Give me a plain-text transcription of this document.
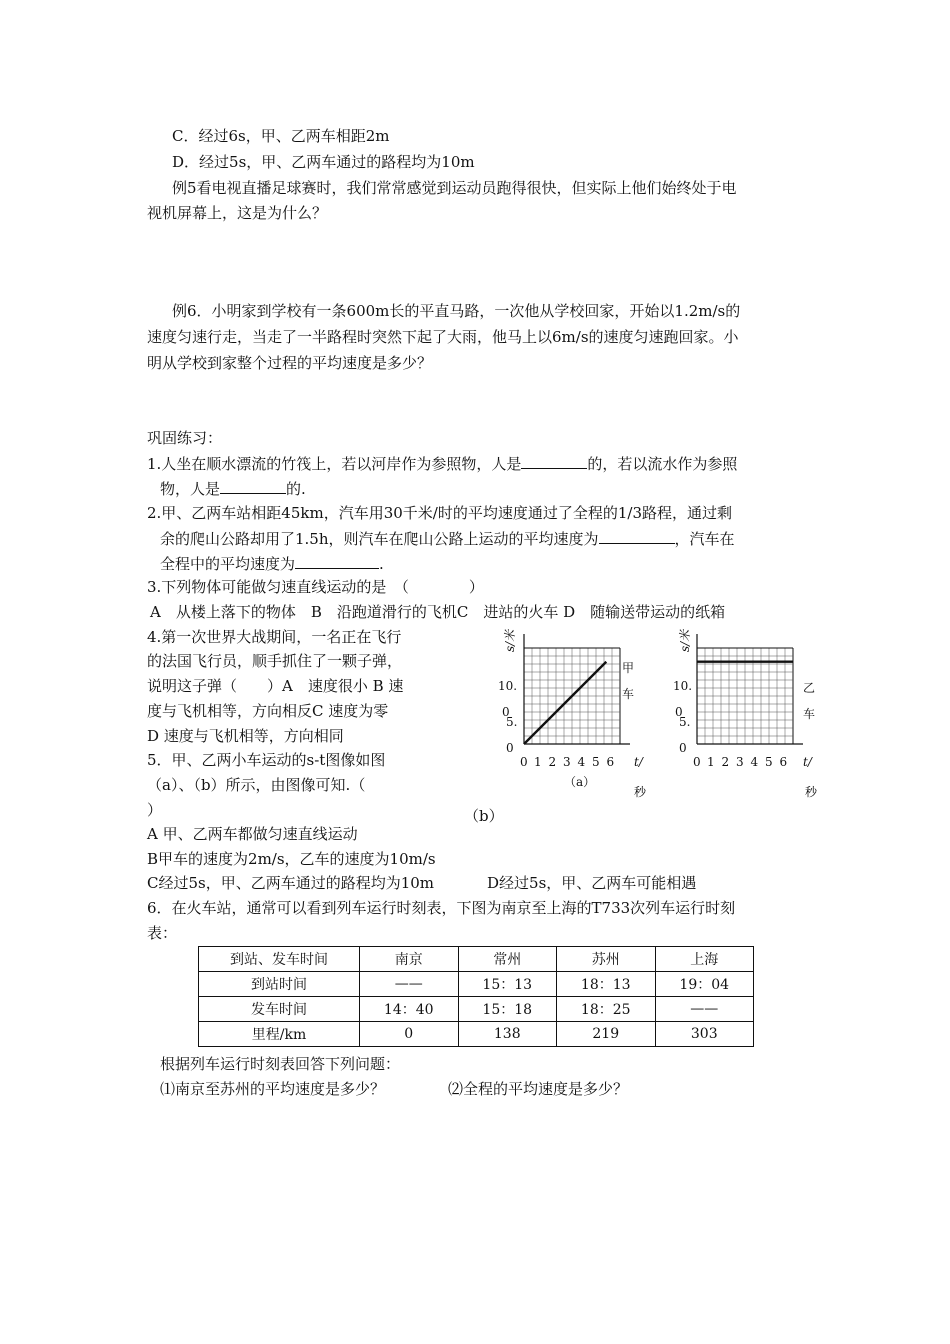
C．经过6s，甲、乙两车相距2m
D．经过5s，甲、乙两车通过的路程均为10m
例5看电视直播足球赛时，我们常常感觉到运动员跑得很快，但实际上他们始终处于电
视机屏幕上，这是为什么？
例6．小明家到学校有一条600m长的平直马路，一次他从学校回家，开始以1.2m/s的
速度匀速行走，当走了一半路程时突然下起了大雨，他马上以6m/s的速度匀速跑回家。小
明从学校到家整个过程的平均速度是多少？
巩固练习：
1.人坐在顺水漂流的竹筏上，若以河岸作为参照物，人是	的，若以流水作为参照
物，人是	的.
2.甲、乙两车站相距45km，汽车用30千米/时的平均速度通过了全程的1/3路程，通过剩
余的爬山公路却用了1.5h，则汽车在爬山公路上运动的平均速度为	，汽车在
全程中的平均速度为	.
3.下列物体可能做匀速直线运动的是　（　　　　）
A　从楼上落下的物体　B　沿跑道滑行的飞机C　进站的火车 D　随输送带运动的纸箱
4.第一次世界大战期间，一名正在飞行
的法国飞行员，顺手抓住了一颗子弹，
说明这子弹（　　）A　速度很小 B 速
度与飞机相等，方向相反C 速度为零
D 速度与飞机相等，方向相同
5．甲、乙两小车运动的s-t图像如图
（a）、（b）所示，由图像可知.（
）	（b）
A 甲、乙两车都做匀速直线运动
B甲车的速度为2m/s，乙车的速度为10m/s
C经过5s，甲、乙两车通过的路程均为10m	D经过5s，甲、乙两车可能相遇
s/米
10.
0
5.
0
0 1 2 3 4 5 6 t/
秒
甲
车
（a）
s/米
10.
0
5.
0
0 1 2 3 4 5 6 t/
秒
乙
车
6．在火车站，通常可以看到列车运行时刻表，下图为南京至上海的T733次列车运行时刻
表：
到站、发车时间	南京	常州	苏州	上海
到站时间	——	15：13	18：13	19：04
发车时间	14：40	15：18	18：25	——
里程/km	0	138	219	303
根据列车运行时刻表回答下列问题：
⑴南京至苏州的平均速度是多少？	⑵全程的平均速度是多少？
